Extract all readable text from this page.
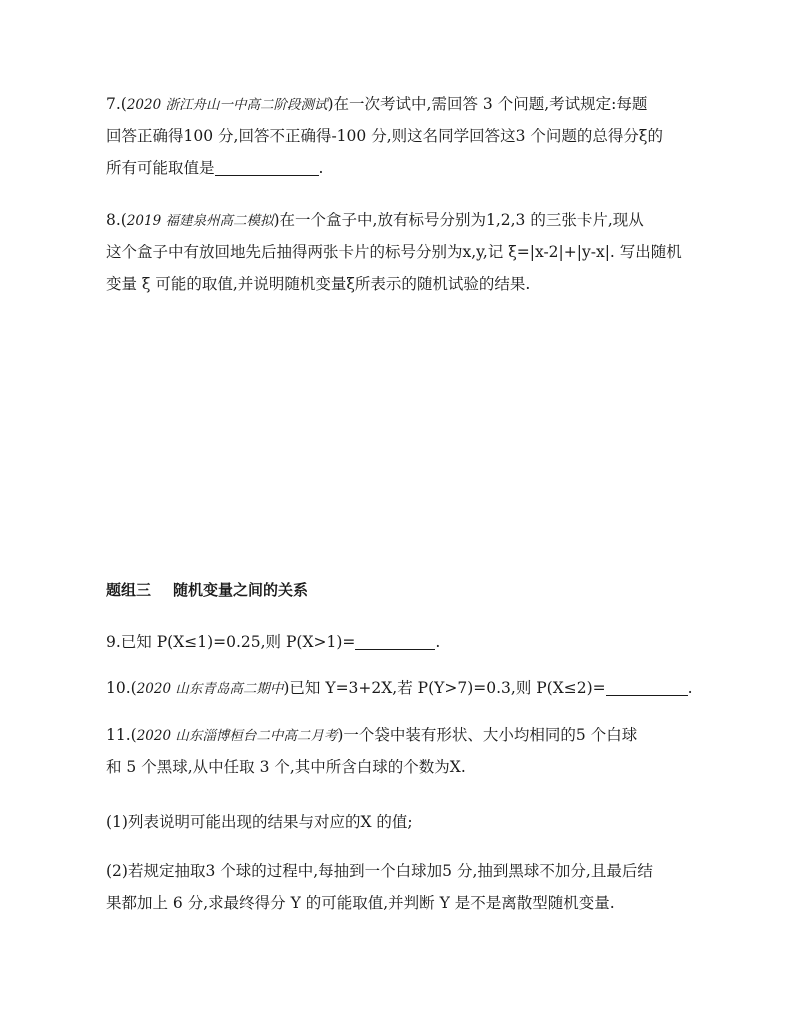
7.(2020 浙江舟山一中高二阶段测试)在一次考试中,需回答 3 个问题,考试规定:每题
回答正确得100 分,回答不正确得-100 分,则这名同学回答这3 个问题的总得分ξ的
所有可能取值是	.
8.(2019 福建泉州高二模拟)在一个盒子中,放有标号分别为1,2,3 的三张卡片,现从
这个盒子中有放回地先后抽得两张卡片的标号分别为x,y,记 ξ=|x-2|+|y-x|. 写出随机
变量 ξ 可能的取值,并说明随机变量ξ所表示的随机试验的结果.
题组三 随机变量之间的关系
9.已知 P(X≤1)=0.25,则 P(X>1)=	.
10.(2020 山东青岛高二期中)已知 Y=3+2X,若 P(Y>7)=0.3,则 P(X≤2)=	.
11.(2020 山东淄博桓台二中高二月考)一个袋中装有形状、大小均相同的5 个白球
和 5 个黑球,从中任取 3 个,其中所含白球的个数为X.
(1)列表说明可能出现的结果与对应的X 的值;
(2)若规定抽取3 个球的过程中,每抽到一个白球加5 分,抽到黑球不加分,且最后结
果都加上 6 分,求最终得分 Y 的可能取值,并判断 Y 是不是离散型随机变量.
